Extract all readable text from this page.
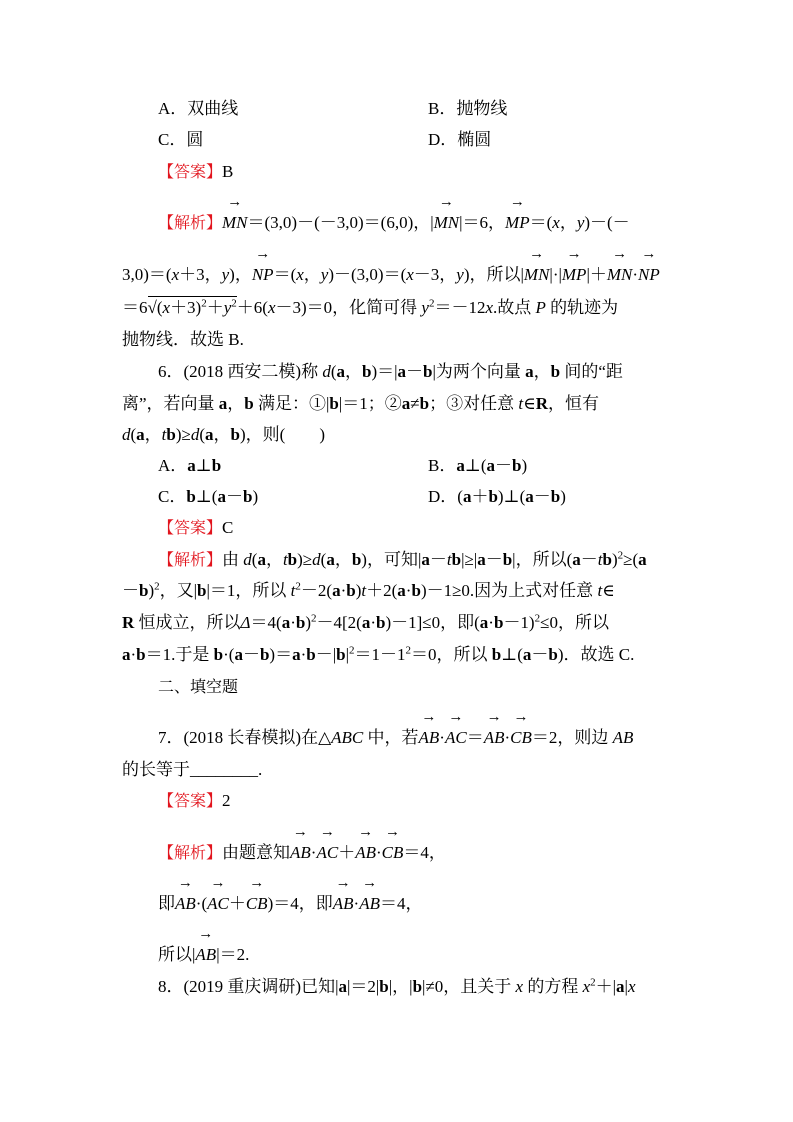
A．双曲线	B．抛物线
C．圆	D．椭圆
【答案】B
【解析】→ MN＝(3,0)－(－3,0)＝(6,0)，|→ MN|＝6，→ MP＝(x，y)－(－
3,0)＝(x＋3，y)，→ NP＝(x，y)－(3,0)＝(x－3，y)，所以|→ MN|·|→ MP|＋→ MN·→ NP
$=6√(x+3)^2+y^2+6(x-3)=0$，化简可得 $y^2=-12x$.故点 P 的轨迹为
抛物线．故选 B.
6．(2018 西安二模)称 d(a，b)＝|a－b|为两个向量 a，b 间的“距
离”，若向量 a，b 满足：①|b|＝1；②a≠b；③对任意 t∈R，恒有
d(a，tb)≥d(a，b)，则(　　)
A．a⊥b	B．a⊥(a－b)
C．b⊥(a－b)	D．(a＋b)⊥(a－b)
【答案】C
【解析】由 d(a，tb)≥d(a，b)，可知|a－tb|≥|a－b|，所以$(a-tb)^2\ge(a$
－b)$^2$，又|b|＝1，所以 $t^2-2(a\cdot b)t+2(a\cdot b)-1\ge 0$.因为上式对任意 t∈
R 恒成立，所以$\Delta=4(a\cdot b)^2-4[2(a\cdot b)-1]\le 0$，即$(a\cdot b-1)^2\le 0$，所以
a·b＝1.于是 $b\cdot(a-b)=a\cdot b-|b|^2=1-1^2=0$，所以 b⊥(a－b)．故选 C.
二、填空题
7．(2018 长春模拟)在△ABC 中，若→ AB·→ AC＝→ AB·→ CB＝2，则边 AB
的长等于________.
【答案】2
【解析】由题意知→ AB·→ AC＋→ AB·→ CB＝4，
即→ AB·(→ AC＋→ CB)＝4，即→ AB·→ AB＝4，
所以|→ AB|＝2.
8．(2019 重庆调研)已知|a|＝2|b|，|b|≠0，且关于 x 的方程 $x^2+|a|x$
